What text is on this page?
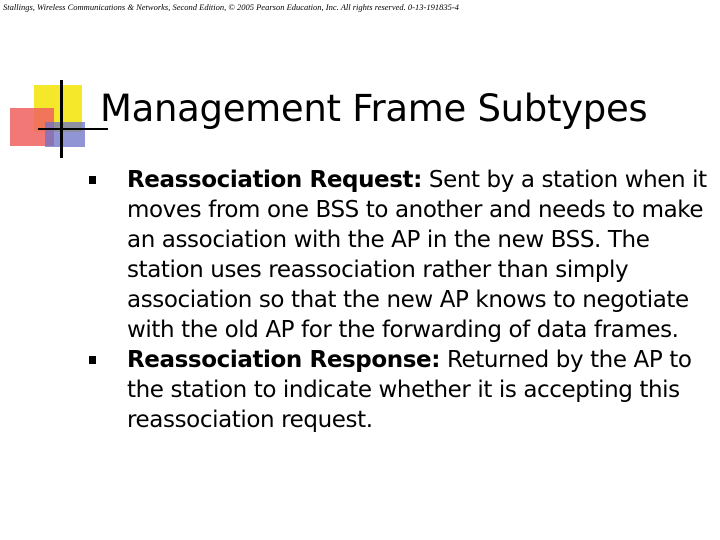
Stallings, Wireless Communications & Networks, Second Edition, © 2005 Pearson Education, Inc. All rights reserved. 0-13-191835-4
Management Frame Subtypes
Reassociation Request: Sent by a station when it moves from one BSS to another and needs to make an association with the AP in the new BSS. The station uses reassociation rather than simply association so that the new AP knows to negotiate with the old AP for the forwarding of data frames.
Reassociation Response: Returned by the AP to the station to indicate whether it is accepting this reassociation request.
